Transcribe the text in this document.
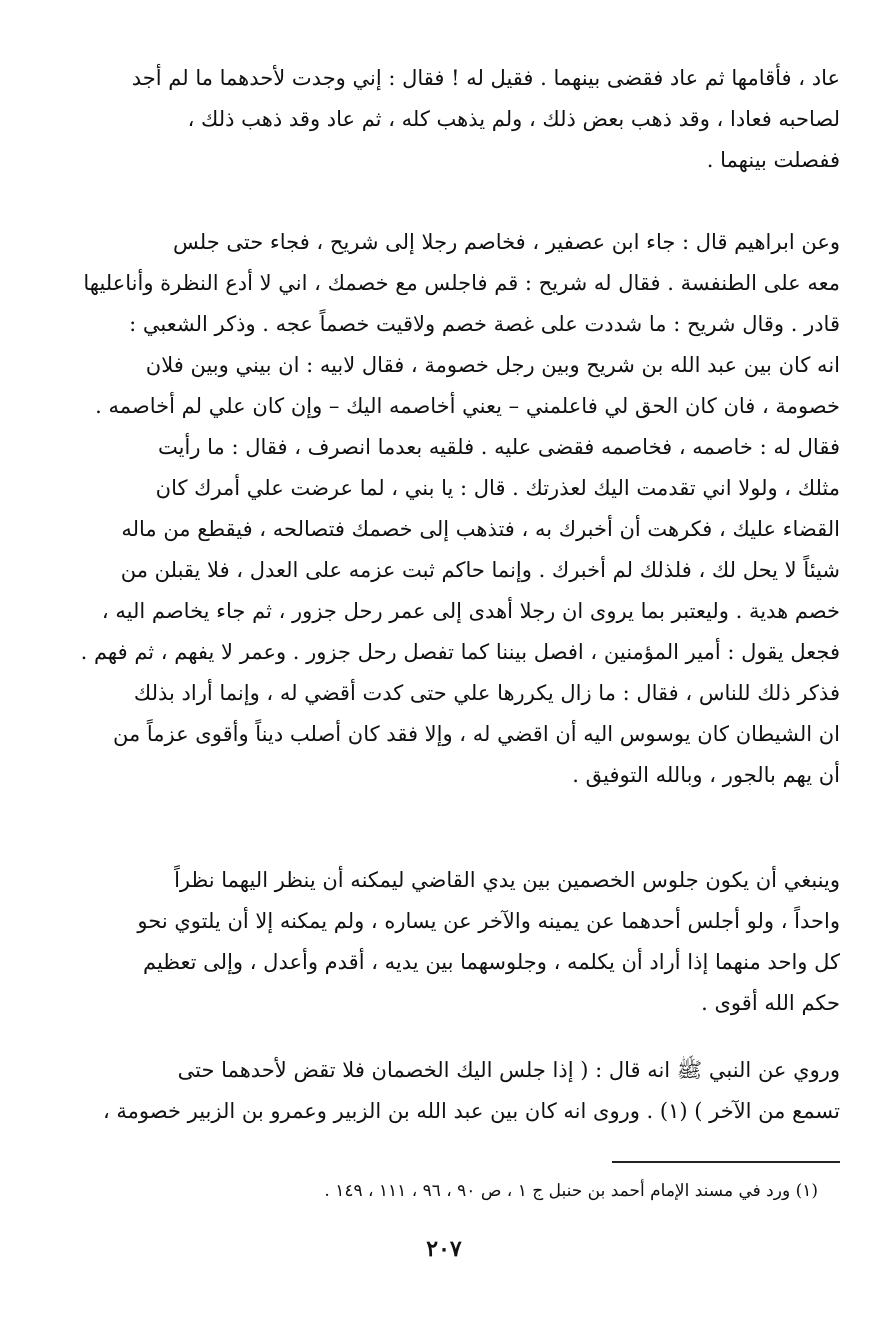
عاد ، فأقامها ثم عاد فقضى بينهما . فقيل له ! فقال : إني وجدت لأحدهما ما لم أجد
لصاحبه فعادا ، وقد ذهب بعض ذلك ، ولم يذهب كله ، ثم عاد وقد ذهب ذلك ،
ففصلت بينهما .
وعن ابراهيم قال : جاء ابن عصفير ، فخاصم رجلا إلى شريح ، فجاء حتى جلس
معه على الطنفسة . فقال له شريح : قم فاجلس مع خصمك ، اني لا أدع النظرة وأناعليها
قادر . وقال شريح : ما شددت على غصة خصم ولاقيت خصماً عجه . وذكر الشعبي :
انه كان بين عبد الله بن شريح وبين رجل خصومة ، فقال لابيه : ان بيني وبين فلان
خصومة ، فان كان الحق لي فاعلمني – يعني أخاصمه اليك – وإن كان علي لم أخاصمه .
فقال له : خاصمه ، فخاصمه فقضى عليه . فلقيه بعدما انصرف ، فقال : ما رأيت
مثلك ، ولولا اني تقدمت اليك لعذرتك . قال : يا بني ، لما عرضت علي أمرك كان
القضاء عليك ، فكرهت أن أخبرك به ، فتذهب إلى خصمك فتصالحه ، فيقطع من ماله
شيئاً لا يحل لك ، فلذلك لم أخبرك . وإنما حاكم ثبت عزمه على العدل ، فلا يقبلن من
خصم هدية . وليعتبر بما يروى ان رجلا أهدى إلى عمر رحل جزور ، ثم جاء يخاصم اليه ،
فجعل يقول : أمير المؤمنين ، افصل بيننا كما تفصل رحل جزور . وعمر لا يفهم ، ثم فهم .
فذكر ذلك للناس ، فقال : ما زال يكررها علي حتى كدت أقضي له ، وإنما أراد بذلك
ان الشيطان كان يوسوس اليه أن اقضي له ، وإلا فقد كان أصلب ديناً وأقوى عزماً من
أن يهم بالجور ، وبالله التوفيق .
وينبغي أن يكون جلوس الخصمين بين يدي القاضي ليمكنه أن ينظر اليهما نظراً
واحداً ، ولو أجلس أحدهما عن يمينه والآخر عن يساره ، ولم يمكنه إلا أن يلتوي نحو
كل واحد منهما إذا أراد أن يكلمه ، وجلوسهما بين يديه ، أقدم وأعدل ، وإلى تعظيم
حكم الله أقوى .
وروي عن النبي ﷺ انه قال : ( إذا جلس اليك الخصمان فلا تقض لأحدهما حتى
تسمع من الآخر ) (١) . وروى انه كان بين عبد الله بن الزبير وعمرو بن الزبير خصومة ،
(١) ورد في مسند الإمام أحمد بن حنبل ج ١ ، ص ٩٠ ، ٩٦ ، ١١١ ، ١٤٩ .
٢٠٧
